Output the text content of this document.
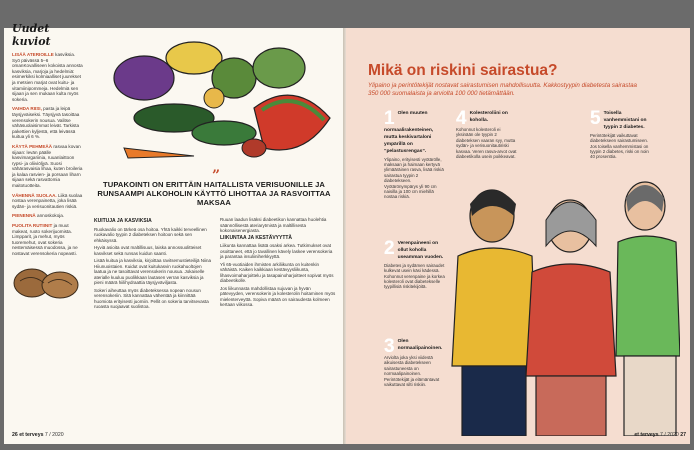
Uudet kuviot
LISÄÄ ATERIOILLE kasviksia. Syö päivässä 5–6 omanKovalliseen kokoista annosta kasviksia, marjoja ja hedelmiä: esimerkiksi kolmiaalliset juurekset ja metsien marjat ovat kuitu- ja vitamiinipommeja. Hedelmiä sen sijaan ja sen mukaan kulta myös sokeria.
VAIHDA RIISI, pasta ja leipä täysjyväiseksi. Täysjyvä tasoittaa verensokerin nousua. Valitse vähäsuolaisimmat leivät. Tarkista pakettien kyljestä, että leivässä kuitua yli 6 %.
KÄYTÄ PEHMEÄÄ rasvaa kovan sijaan: levän päälle kasvimargariinia, ruuanlaittoon rypsi- ja oliiviöljyä. Suosi vähärasvaisia lihaa, kuten broileria ja kalaa rasvien- ja porsaan liharn sijaan sekä rasvattomia maitotuotteita.
VÄHENNÄ SUOLAA. Liikä suolaa nostaa verenpainetta, joka lisää sydän- ja verisuonitautien riskiä.
PIENENNÄ annoskokoja.
PUOLITA RUTIINIT ja muut makeat, ruoto sokerijuomista. Limpparit, ja mehut, myös tuoremehut, ovat sokeria nestemäisessä muodossa, ja ne nostavat verensokeria nopeasti.
”
TUPAKOINTI ON ERITTÄIN HAITALLISTA VERISUONILLE JA RUNSAAMPI ALKOHOLIN KÄYTTÖ LIHOTTAA JA RASVOITTAA MAKSAA
KUITUJA JA KASVIKSIA

Ruokavalio on tärkeä osa hoitoa. Yhtä kaikki terveellinen ruokavalio tyypin 2 diabeteksen hoitoon sekä sen ehkäisyssä.

Hyviä asioita ovat maltillisuus, laiska annossuolitteiset kasvikset sekä runsas kuidun saanti.

Lisää kuitua ja kasviksia, kirjoittaa ravitsemustieteilijä Niina Hiiunuoistaien. Kuidut ovat kuitukasvin ruokahuoltojen laatua ja ne tasoittavat verensokerin nousua. Jokaiselle aterialle kuuluu puolikkaan lautasen verran kasviksia ja pieni määrä hiilihydraattia täysjyväviljasta.

Sokeri aiheuttaa myös diabeteksessa nopean nousun verensokeriin. Sitä kannattaa vähentää ja kiinnittää huomiota erityisesti juomiin. Pellit on sokeria tarvitsevasta ruoasta suojaavat suolistoa.

Ruuan laadun lisäksi diabeetikon kannattaa huolehtia säännöllisestä ateriarytmistä ja maltillisesta kokonaisenergiasta.

LIIKUNTAA JA KESTÄVYYTTÄ

Liikunta kannattaa lisätä osaksi arkea. Tutkimukset ovat osoittaneet, että jo tavallinen kävely laskee verensokeria ja parantaa insuliiniherkkyyttä.

Yli 65-vuotiaiden ihmisten arkiliikunta on kuitenkin vähäistä. Kaiken kaikkiaan kestävyysliikunta, lihasvoimaharjoittelu ja tasapainoharjoitteet sopivat myös diabeetikolle.

Jos liikunnasta mahdollistaa sujuvan ja hyvän pätevyyden, verensokerin ja kolesterolin hoitaminen myös mielenterveyttä. Sopiva määrä on sairaudesta kolmeen kertaan viikossa.

26 et terveys 7 / 2020
Mikä on riskini sairastua?
Ylipaino ja perintötekijät nostavat sairastumisen mahdollisuutta. Kakkostyypin diabetesta sairastaa 350 000 suomalaista ja arviolta 100 000 tietämättään.
1 Olen muuten normaalirakenteinen, mutta keskivartaloni ympärillä on “pelastusrengas”.
Ylipaino, erityisesti vyötärölle, maksaan ja haimaan kertyvä ylimääräinen rasva, lisää riskiä sairastua tyypin 2 diabetekseen. Vyötärönympärys yli 90 cm naisilla ja 100 cm miehillä nostaa riskiä.
4 Kolesteroliini on koholla.
Kohonnut kolesteroli ei yksinään ole tyypin 2 diabeteksen vaaran syy, mutta sydän- ja verisuonitautiriski kasvaa. Veren rasva-arvot ovat diabeetikolla usein poikkeavat.
5 Toisella vanhemmistani on tyypin 2 diabetes.
Perintötekijät vaikuttavat diabetekseen sairastumiseen. Jos toisella vanhemmistasi on tyypin 2 diabetes, riski on noin 40 prosenttia.
2 Verenpaineeni on ollut koholla useamman vuoden.
Diabetes ja sydämen sairaudet kulkevat usein käsi kädessä. Kohonnut verenpaine ja korkea kolesteroli ovat diabetekselle tyypillisiä riskitekijöitä.
3 Olen normaalipainoinen.
Arviolta joka yksi viidestä aikuisesta diabetekseen sairastuneesta on normaalipainoinen. Perintötekijät ja elämäntavat vaikuttavat silti riskiin.
et terveys 7 / 2020 27
